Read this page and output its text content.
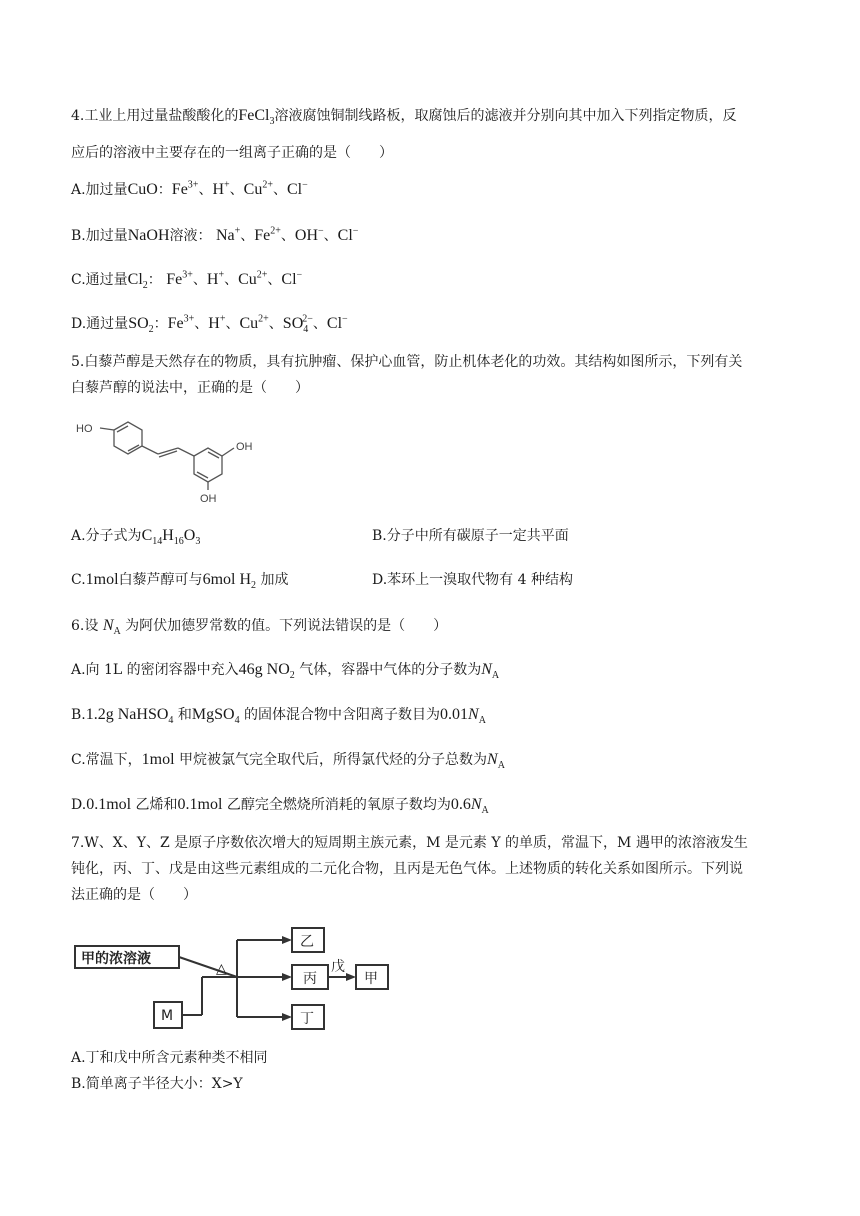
4.工业上用过量盐酸酸化的FeCl$_3$溶液腐蚀铜制线路板，取腐蚀后的滤液并分别向其中加入下列指定物质，反
应后的溶液中主要存在的一组离子正确的是（　　）
A.加过量CuO：$Fe^{3+}$、H+、$Cu^{2+}$、Cl−
B.加过量NaOH溶液： Na+、$Fe^{2+}$、OH−、Cl−
C.通过量$Cl_2$： $Fe^{3+}$、H+、$Cu^{2+}$、Cl−
D.通过量$SO_2$：$Fe^{3+}$、H+、$Cu^{2+}$、$SO_4^{2-}$、Cl−
5.白藜芦醇是天然存在的物质，具有抗肿瘤、保护心血管，防止机体老化的功效。其结构如图所示，下列有关
白藜芦醇的说法中，正确的是（　　）
HO
OH
OH
A.分子式为$C_{14}H_{16}O_3$	B.分子中所有碳原子一定共平面
C.1mol白藜芦醇可与6mol $H_2$ 加成	D.苯环上一溴取代物有 4 种结构
6.设 $N_A$ 为阿伏加德罗常数的值。下列说法错误的是（　　）
A.向 1L 的密闭容器中充入46g $NO_2$ 气体，容器中气体的分子数为$N_A$
B.1.2g NaHSO$_4$ 和MgSO$_4$ 的固体混合物中含阳离子数目为$0.01N_A$
C.常温下，1mol 甲烷被氯气完全取代后，所得氯代烃的分子总数为$N_A$
D.0.1mol 乙烯和0.1mol 乙醇完全燃烧所消耗的氧原子数均为$0.6N_A$
7.W、X、Y、Z 是原子序数依次增大的短周期主族元素，M 是元素 Y 的单质，常温下，M 遇甲的浓溶液发生
钝化，丙、丁、戊是由这些元素组成的二元化合物，且丙是无色气体。上述物质的转化关系如图所示。下列说
法正确的是（　　）
甲的浓溶液
M
△
乙
丙
丁
戊
甲
A.丁和戊中所含元素种类不相同
B.简单离子半径大小：X>Y
